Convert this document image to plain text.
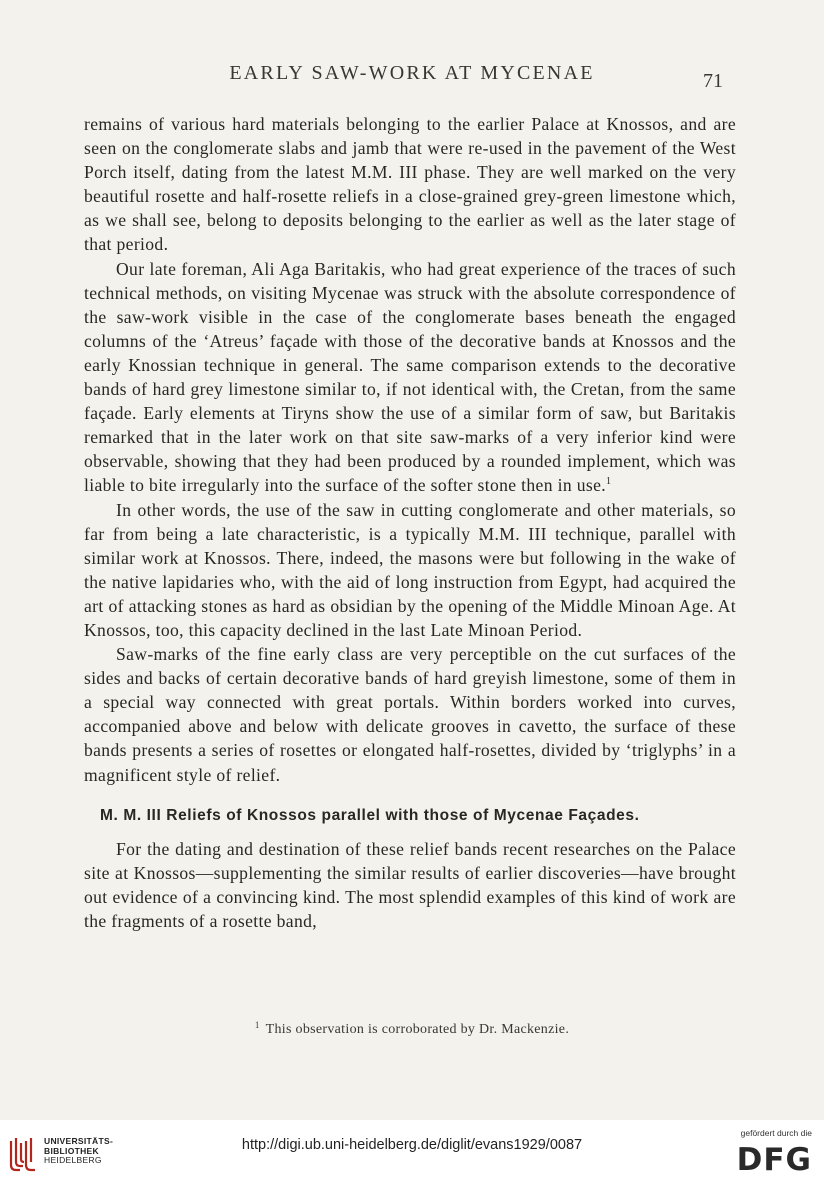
EARLY SAW-WORK AT MYCENAE	71

remains of various hard materials belonging to the earlier Palace at Knossos, and are seen on the conglomerate slabs and jamb that were re-used in the pavement of the West Porch itself, dating from the latest M.M. III phase. They are well marked on the very beautiful rosette and half-rosette reliefs in a close-grained grey-green limestone which, as we shall see, belong to deposits belonging to the earlier as well as the later stage of that period.

Our late foreman, Ali Aga Baritakis, who had great experience of the traces of such technical methods, on visiting Mycenae was struck with the absolute correspondence of the saw-work visible in the case of the conglomerate bases beneath the engaged columns of the ‘Atreus’ façade with those of the decorative bands at Knossos and the early Knossian technique in general. The same comparison extends to the decorative bands of hard grey limestone similar to, if not identical with, the Cretan, from the same façade. Early elements at Tiryns show the use of a similar form of saw, but Baritakis remarked that in the later work on that site saw-marks of a very inferior kind were observable, showing that they had been produced by a rounded implement, which was liable to bite irregularly into the surface of the softer stone then in use.$^1$

In other words, the use of the saw in cutting conglomerate and other materials, so far from being a late characteristic, is a typically M.M. III technique, parallel with similar work at Knossos. There, indeed, the masons were but following in the wake of the native lapidaries who, with the aid of long instruction from Egypt, had acquired the art of attacking stones as hard as obsidian by the opening of the Middle Minoan Age. At Knossos, too, this capacity declined in the last Late Minoan Period.

Saw-marks of the fine early class are very perceptible on the cut surfaces of the sides and backs of certain decorative bands of hard greyish limestone, some of them in a special way connected with great portals. Within borders worked into curves, accompanied above and below with delicate grooves in cavetto, the surface of these bands presents a series of rosettes or elongated half-rosettes, divided by ‘triglyphs’ in a magnificent style of relief.

M. M. III Reliefs of Knossos parallel with those of Mycenae Façades.

For the dating and destination of these relief bands recent researches on the Palace site at Knossos—supplementing the similar results of earlier discoveries—have brought out evidence of a convincing kind. The most splendid examples of this kind of work are the fragments of a rosette band,

$^1$ This observation is corroborated by Dr. Mackenzie.
UNIVERSITÄTS-
BIBLIOTHEK
HEIDELBERG
http://digi.ub.uni-heidelberg.de/diglit/evans1929/0087
gefördert durch die
DFG
